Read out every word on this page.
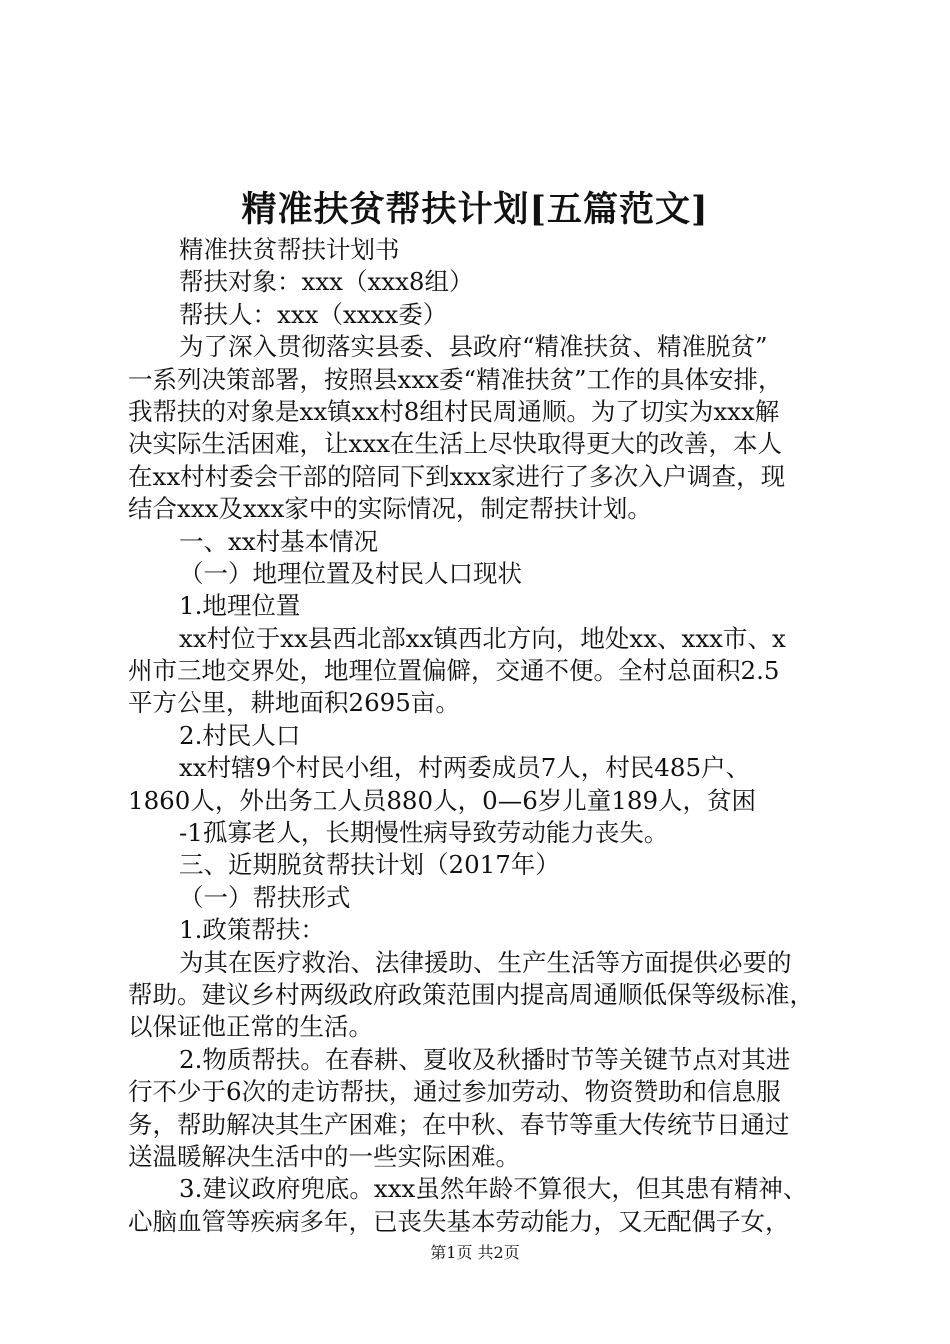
精准扶贫帮扶计划[五篇范文]
精准扶贫帮扶计划书
帮扶对象：xxx（xxx8组）
帮扶人：xxx（xxxx委）
为了深入贯彻落实县委、县政府“精准扶贫、精准脱贫”
一系列决策部署，按照县xxx委“精准扶贫”工作的具体安排，
我帮扶的对象是xx镇xx村8组村民周通顺。为了切实为xxx解
决实际生活困难，让xxx在生活上尽快取得更大的改善，本人
在xx村村委会干部的陪同下到xxx家进行了多次入户调查，现
结合xxx及xxx家中的实际情况，制定帮扶计划。
一、xx村基本情况
（一）地理位置及村民人口现状
1.地理位置
xx村位于xx县西北部xx镇西北方向，地处xx、xxx市、x
州市三地交界处，地理位置偏僻，交通不便。全村总面积2.5
平方公里，耕地面积2695亩。
2.村民人口
xx村辖9个村民小组，村两委成员7人，村民485户、
1860人，外出务工人员880人，0—6岁儿童189人，贫困
-1孤寡老人，长期慢性病导致劳动能力丧失。
三、近期脱贫帮扶计划（2017年）
（一）帮扶形式
1.政策帮扶：
为其在医疗救治、法律援助、生产生活等方面提供必要的
帮助。建议乡村两级政府政策范围内提高周通顺低保等级标准，
以保证他正常的生活。
2.物质帮扶。在春耕、夏收及秋播时节等关键节点对其进
行不少于6次的走访帮扶，通过参加劳动、物资赞助和信息服
务，帮助解决其生产困难；在中秋、春节等重大传统节日通过
送温暖解决生活中的一些实际困难。
3.建议政府兜底。xxx虽然年龄不算很大，但其患有精神、
心脑血管等疾病多年，已丧失基本劳动能力，又无配偶子女，
第1页 共2页
